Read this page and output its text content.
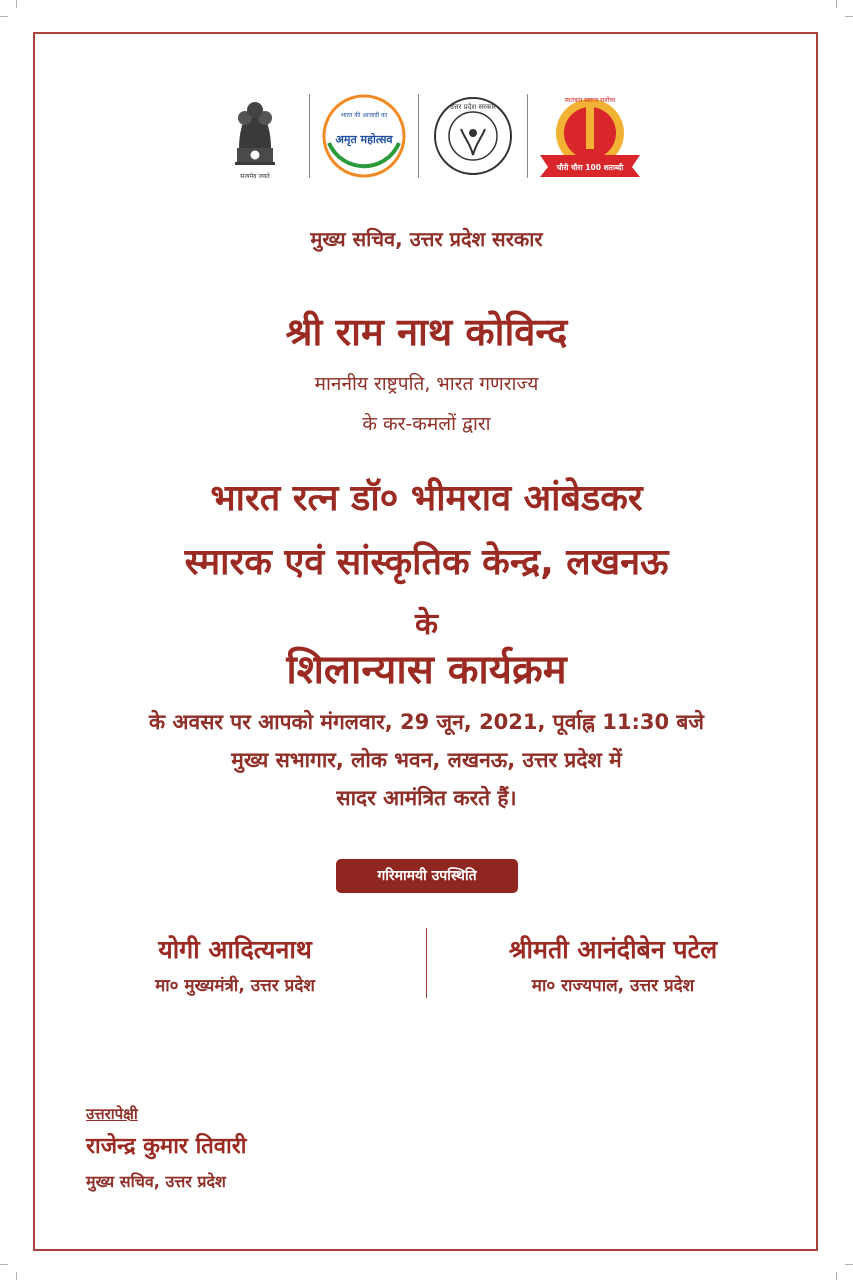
सत्यमेव जयते
भारत की आजादी का
अमृत महोत्सव
उत्तर प्रदेश सरकार
चौरी चौरा 100 शताब्दी
स्वतंत्रता स्वराज सर्वोच्च
मुख्य सचिव, उत्तर प्रदेश सरकार
श्री राम नाथ कोविन्द
माननीय राष्ट्रपति, भारत गणराज्य
के कर-कमलों द्वारा
भारत रत्न डॉ० भीमराव आंबेडकर
स्मारक एवं सांस्कृतिक केन्द्र, लखनऊ
के
शिलान्यास कार्यक्रम
के अवसर पर आपको मंगलवार, 29 जून, 2021, पूर्वाह्न 11:30 बजे
मुख्य सभागार, लोक भवन, लखनऊ, उत्तर प्रदेश में
सादर आमंत्रित करते हैं।
गरिमामयी उपस्थिति
योगी आदित्यनाथ
मा० मुख्यमंत्री, उत्तर प्रदेश
श्रीमती आनंदीबेन पटेल
मा० राज्यपाल, उत्तर प्रदेश
उत्तरापेक्षी
राजेन्द्र कुमार तिवारी
मुख्य सचिव, उत्तर प्रदेश
